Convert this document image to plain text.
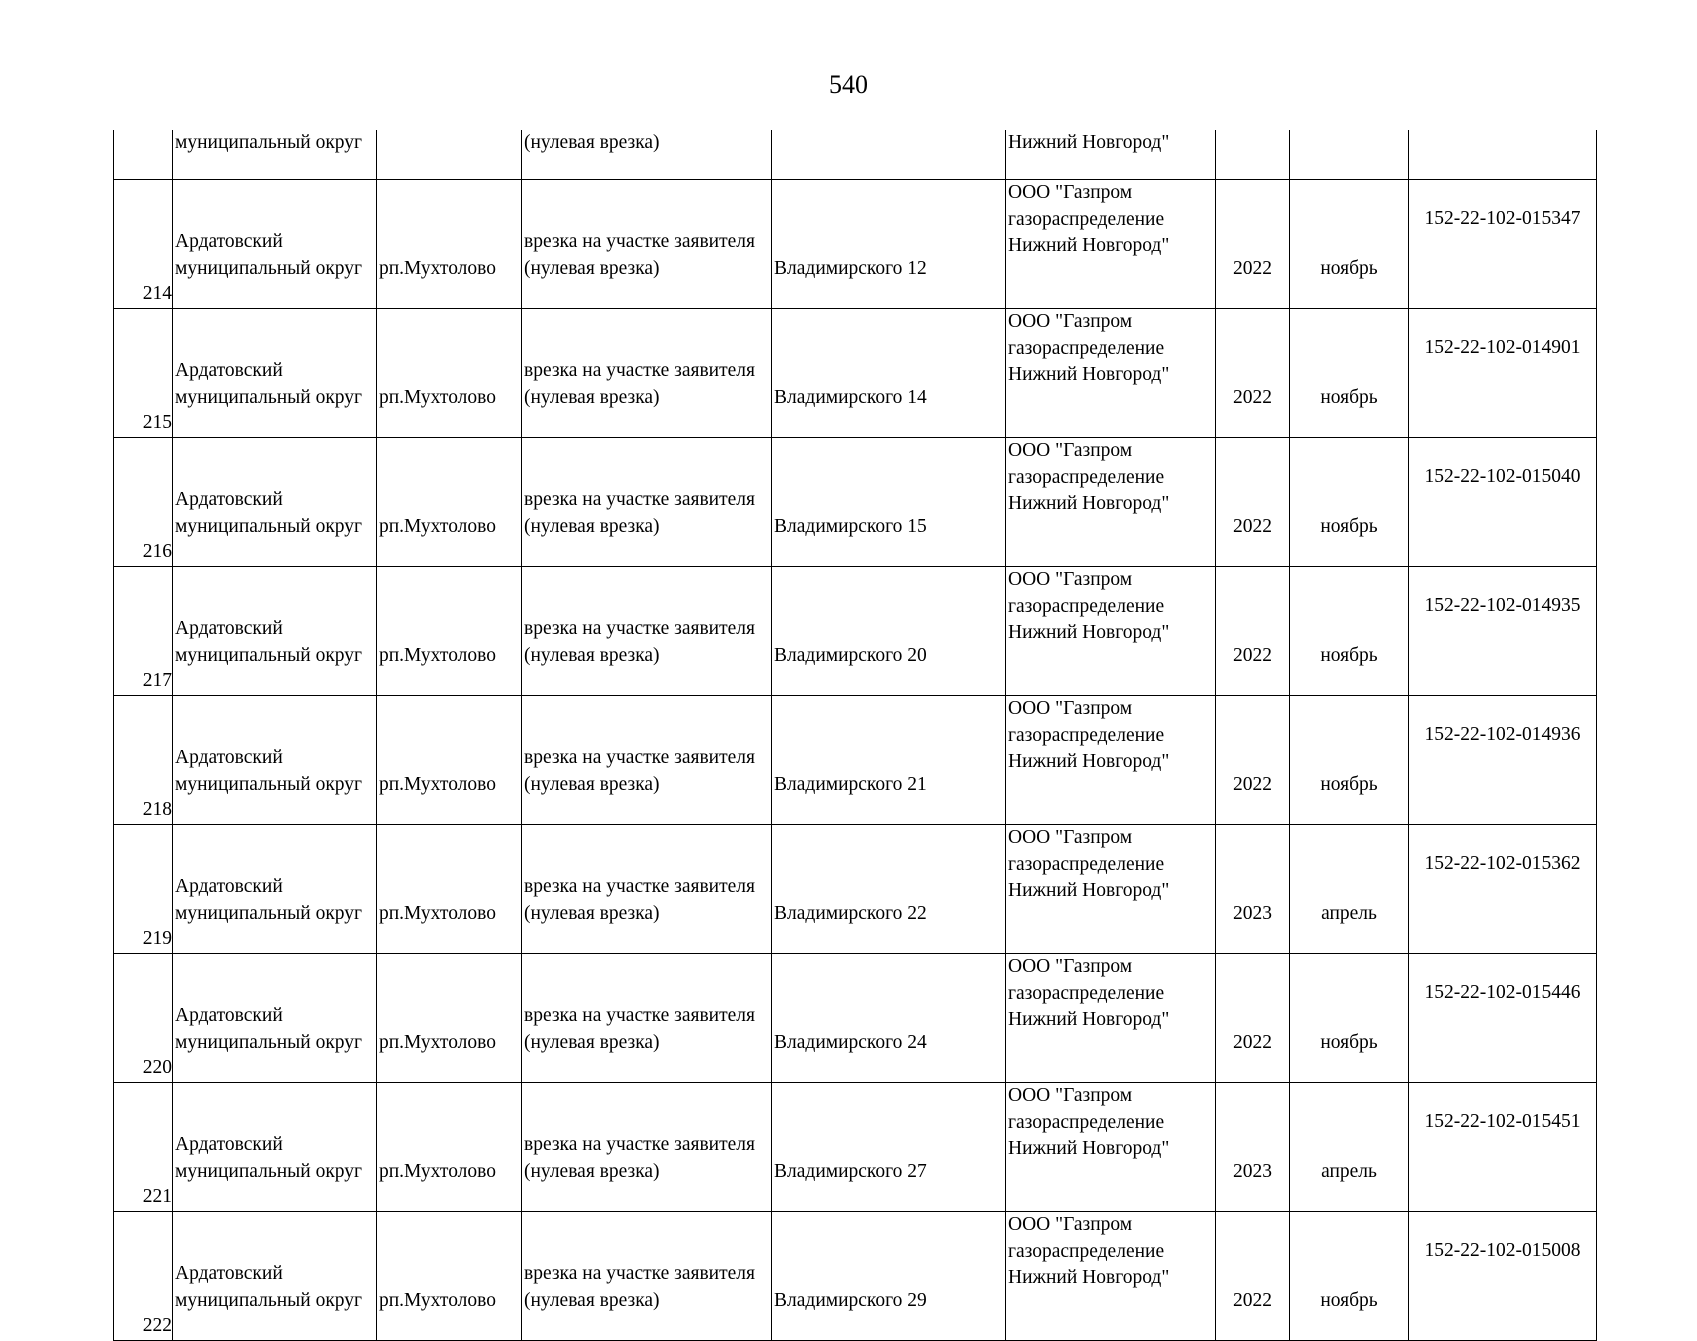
540
	муниципальный округ		(нулевая врезка)		Нижний Новгород"			
214	Ардатовский
муниципальный округ	рп.Мухтолово	врезка на участке заявителя
(нулевая врезка)	Владимирского 12	ООО "Газпром
газораспределение
Нижний Новгород"	2022	ноябрь	152-22-102-015347
215	Ардатовский
муниципальный округ	рп.Мухтолово	врезка на участке заявителя
(нулевая врезка)	Владимирского 14	ООО "Газпром
газораспределение
Нижний Новгород"	2022	ноябрь	152-22-102-014901
216	Ардатовский
муниципальный округ	рп.Мухтолово	врезка на участке заявителя
(нулевая врезка)	Владимирского 15	ООО "Газпром
газораспределение
Нижний Новгород"	2022	ноябрь	152-22-102-015040
217	Ардатовский
муниципальный округ	рп.Мухтолово	врезка на участке заявителя
(нулевая врезка)	Владимирского 20	ООО "Газпром
газораспределение
Нижний Новгород"	2022	ноябрь	152-22-102-014935
218	Ардатовский
муниципальный округ	рп.Мухтолово	врезка на участке заявителя
(нулевая врезка)	Владимирского 21	ООО "Газпром
газораспределение
Нижний Новгород"	2022	ноябрь	152-22-102-014936
219	Ардатовский
муниципальный округ	рп.Мухтолово	врезка на участке заявителя
(нулевая врезка)	Владимирского 22	ООО "Газпром
газораспределение
Нижний Новгород"	2023	апрель	152-22-102-015362
220	Ардатовский
муниципальный округ	рп.Мухтолово	врезка на участке заявителя
(нулевая врезка)	Владимирского 24	ООО "Газпром
газораспределение
Нижний Новгород"	2022	ноябрь	152-22-102-015446
221	Ардатовский
муниципальный округ	рп.Мухтолово	врезка на участке заявителя
(нулевая врезка)	Владимирского 27	ООО "Газпром
газораспределение
Нижний Новгород"	2023	апрель	152-22-102-015451
222	Ардатовский
муниципальный округ	рп.Мухтолово	врезка на участке заявителя
(нулевая врезка)	Владимирского 29	ООО "Газпром
газораспределение
Нижний Новгород"	2022	ноябрь	152-22-102-015008
